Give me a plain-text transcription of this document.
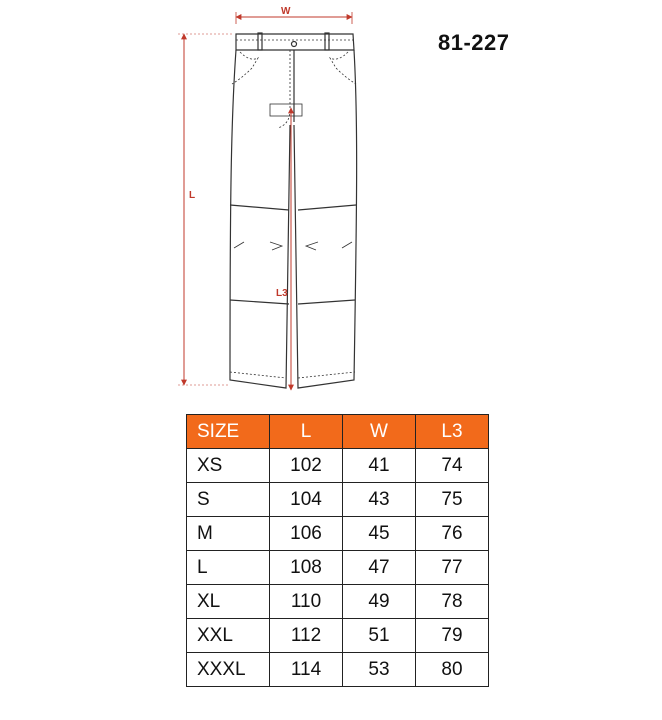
81-227
W
L
L3
SIZE	L	W	L3
XS	102	41	74
S	104	43	75
M	106	45	76
L	108	47	77
XL	110	49	78
XXL	112	51	79
XXXL	114	53	80
